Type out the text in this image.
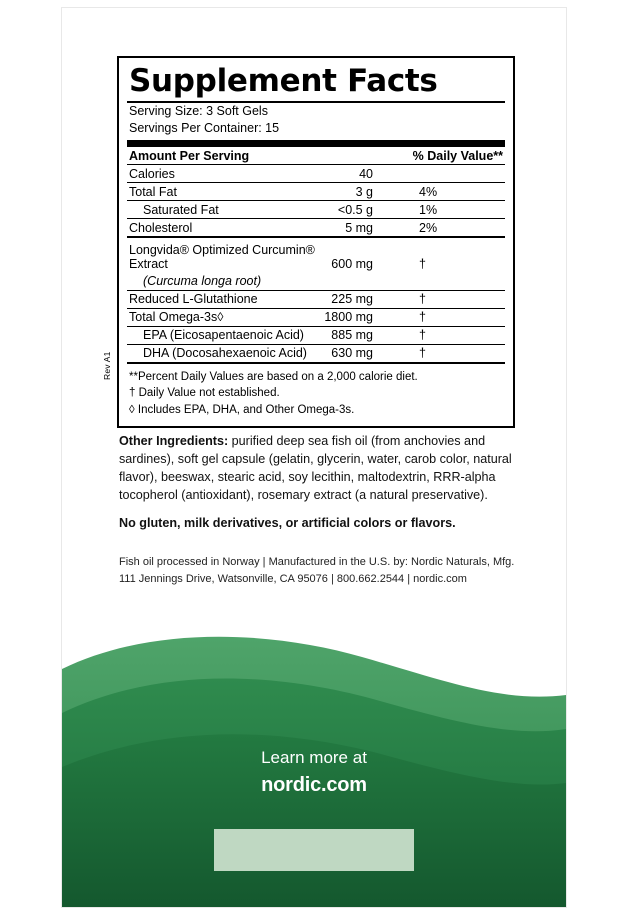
Rev A1
Supplement Facts
Serving Size: 3 Soft Gels
Servings Per Container: 15
Amount Per Serving		% Daily Value**
Calories	40	
Total Fat	3 g	4%
Saturated Fat	<0.5 g	1%
Cholesterol	5 mg	2%
Longvida® Optimized Curcumin® Extract	600 mg	†
(Curcuma longa root)		
Reduced L-Glutathione	225 mg	†
Total Omega-3s◊	1800 mg	†
EPA (Eicosapentaenoic Acid)	885 mg	†
DHA (Docosahexaenoic Acid)	630 mg	†
**Percent Daily Values are based on a 2,000 calorie diet.
† Daily Value not established.
◊ Includes EPA, DHA, and Other Omega-3s.
Other Ingredients: purified deep sea fish oil (from anchovies and sardines), soft gel capsule (gelatin, glycerin, water, carob color, natural flavor), beeswax, stearic acid, soy lecithin, maltodextrin, RRR-alpha tocopherol (antioxidant), rosemary extract (a natural preservative).
No gluten, milk derivatives, or artificial colors or flavors.
Fish oil processed in Norway | Manufactured in the U.S. by: Nordic Naturals, Mfg.
111 Jennings Drive, Watsonville, CA 95076 | 800.662.2544 | nordic.com
Learn more at
nordic.com
